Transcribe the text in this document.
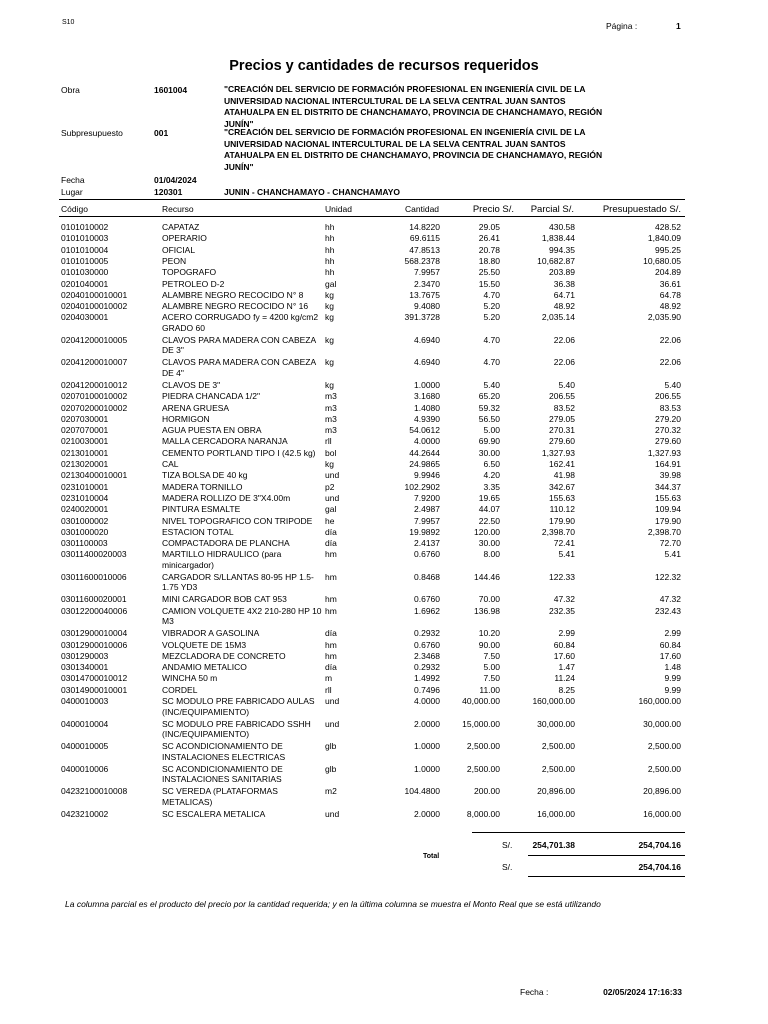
S10	Página :	1
Precios y cantidades de recursos requeridos
Obra	1601004	"CREACIÓN DEL SERVICIO DE FORMACIÓN PROFESIONAL EN INGENIERÍA CIVIL DE LA UNIVERSIDAD NACIONAL INTERCULTURAL DE LA SELVA CENTRAL JUAN SANTOS ATAHUALPA EN EL DISTRITO DE CHANCHAMAYO, PROVINCIA DE CHANCHAMAYO, REGIÓN JUNÍN"
Subpresupuesto	001	"CREACIÓN DEL SERVICIO DE FORMACIÓN PROFESIONAL EN INGENIERÍA CIVIL DE LA UNIVERSIDAD NACIONAL INTERCULTURAL DE LA SELVA CENTRAL JUAN SANTOS ATAHUALPA EN EL DISTRITO DE CHANCHAMAYO, PROVINCIA DE CHANCHAMAYO, REGIÓN JUNÍN"
Fecha	01/04/2024
Lugar	120301	JUNIN - CHANCHAMAYO - CHANCHAMAYO
Código	Recurso	Unidad	Cantidad	Precio S/. Parcial S/.	Presupuestado S/.
0101010002	CAPATAZ	hh	14.8220	29.05	430.58	428.52
0101010003	OPERARIO	hh	69.6115	26.41	1,838.44	1,840.09
0101010004	OFICIAL	hh	47.8513	20.78	994.35	995.25
0101010005	PEON	hh	568.2378	18.80	10,682.87	10,680.05
0101030000	TOPOGRAFO	hh	7.9957	25.50	203.89	204.89
0201040001	PETROLEO D-2	gal	2.3470	15.50	36.38	36.61
02040100010001	ALAMBRE NEGRO RECOCIDO N° 8	kg	13.7675	4.70	64.71	64.78
02040100010002	ALAMBRE NEGRO RECOCIDO N° 16	kg	9.4080	5.20	48.92	48.92
0204030001	ACERO CORRUGADO fy = 4200 kg/cm2 GRADO 60
kg	391.3728	5.20	2,035.14	2,035.90
02041200010005	CLAVOS PARA MADERA CON CABEZA DE 3"
kg	4.6940	4.70	22.06	22.06
02041200010007	CLAVOS PARA MADERA CON CABEZA DE 4"
kg	4.6940	4.70	22.06	22.06
02041200010012	CLAVOS DE 3"	kg	1.0000	5.40	5.40	5.40
02070100010002	PIEDRA CHANCADA 1/2"	m3	3.1680	65.20	206.55	206.55
02070200010002	ARENA GRUESA	m3	1.4080	59.32	83.52	83.53
0207030001	HORMIGON	m3	4.9390	56.50	279.05	279.20
0207070001	AGUA PUESTA EN OBRA	m3	54.0612	5.00	270.31	270.32
0210030001	MALLA CERCADORA NARANJA	rll	4.0000	69.90	279.60	279.60
0213010001	CEMENTO PORTLAND TIPO I (42.5 kg)	bol	44.2644	30.00	1,327.93	1,327.93
0213020001	CAL	kg	24.9865	6.50	162.41	164.91
02130400010001	TIZA BOLSA DE 40 kg	und	9.9946	4.20	41.98	39.98
0231010001	MADERA TORNILLO	p2	102.2902	3.35	342.67	344.37
0231010004	MADERA ROLLIZO DE 3"X4.00m	und	7.9200	19.65	155.63	155.63
0240020001	PINTURA ESMALTE	gal	2.4987	44.07	110.12	109.94
0301000002	NIVEL TOPOGRAFICO CON TRIPODE	he	7.9957	22.50	179.90	179.90
0301000020	ESTACION TOTAL	día	19.9892	120.00	2,398.70	2,398.70
0301100003	COMPACTADORA DE PLANCHA	día	2.4137	30.00	72.41	72.70
03011400020003	MARTILLO HIDRAULICO (para minicargador)
hm	0.6760	8.00	5.41	5.41
03011600010006	CARGADOR S/LLANTAS 80-95 HP 1.5-1.75 YD3
hm	0.8468	144.46	122.33	122.32
03011600020001	MINI CARGADOR BOB CAT 953	hm	0.6760	70.00	47.32	47.32
03012200040006	CAMION VOLQUETE 4X2 210-280 HP 10 M3
hm	1.6962	136.98	232.35	232.43
03012900010004	VIBRADOR A GASOLINA	día	0.2932	10.20	2.99	2.99
03012900010006	VOLQUETE DE 15M3	hm	0.6760	90.00	60.84	60.84
0301290003	MEZCLADORA DE CONCRETO	hm	2.3468	7.50	17.60	17.60
0301340001	ANDAMIO METALICO	día	0.2932	5.00	1.47	1.48
03014700010012	WINCHA 50 m	m	1.4992	7.50	11.24	9.99
03014900010001	CORDEL	rll	0.7496	11.00	8.25	9.99
0400010003	SC MODULO PRE FABRICADO AULAS (INC/EQUIPAMIENTO)
und	4.0000	40,000.00	160,000.00	160,000.00
0400010004	SC MODULO PRE FABRICADO SSHH (INC/EQUIPAMIENTO)
und	2.0000	15,000.00	30,000.00	30,000.00
0400010005	SC ACONDICIONAMIENTO DE INSTALACIONES ELECTRICAS
glb	1.0000	2,500.00	2,500.00	2,500.00
0400010006	SC ACONDICIONAMIENTO DE INSTALACIONES SANITARIAS
glb	1.0000	2,500.00	2,500.00	2,500.00
04232100010008	SC VEREDA (PLATAFORMAS METALICAS)
m2	104.4800	200.00	20,896.00	20,896.00
0423210002	SC ESCALERA METALICA	und	2.0000	8,000.00	16,000.00	16,000.00
S/. 254,701.38	254,704.16
Total
S/.	254,704.16
La columna parcial es el producto del precio por la cantidad requerida; y en la última columna se muestra el Monto Real que se está utilizando
Fecha :	02/05/2024 17:16:33
